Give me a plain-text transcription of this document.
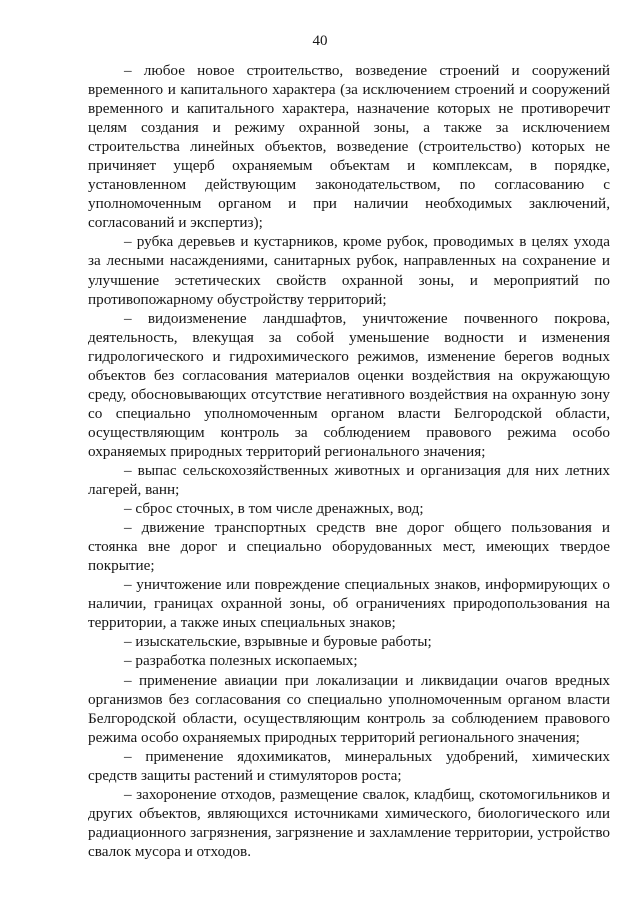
40

– любое новое строительство, возведение строений и сооружений временного и капитального характера (за исключением строений и сооружений временного и капитального характера, назначение которых не противоречит целям создания и режиму охранной зоны, а также за исключением строительства линейных объектов, возведение (строительство) которых не причиняет ущерб охраняемым объектам и комплексам, в порядке, установленном действующим законодательством, по согласованию с уполномоченным органом и при наличии необходимых заключений, согласований и экспертиз);

– рубка деревьев и кустарников, кроме рубок, проводимых в целях ухода за лесными насаждениями, санитарных рубок, направленных на сохранение и улучшение эстетических свойств охранной зоны, и мероприятий по противопожарному обустройству территорий;

– видоизменение ландшафтов, уничтожение почвенного покрова, деятельность, влекущая за собой уменьшение водности и изменения гидрологического и гидрохимического режимов, изменение берегов водных объектов без согласования материалов оценки воздействия на окружающую среду, обосновывающих отсутствие негативного воздействия на охранную зону со специально уполномоченным органом власти Белгородской области, осуществляющим контроль за соблюдением правового режима особо охраняемых природных территорий регионального значения;

– выпас сельскохозяйственных животных и организация для них летних лагерей, ванн;

– сброс сточных, в том числе дренажных, вод;

– движение транспортных средств вне дорог общего пользования и стоянка вне дорог и специально оборудованных мест, имеющих твердое покрытие;

– уничтожение или повреждение специальных знаков, информирующих о наличии, границах охранной зоны, об ограничениях природопользования на территории, а также иных специальных знаков;

– изыскательские, взрывные и буровые работы;

– разработка полезных ископаемых;

– применение авиации при локализации и ликвидации очагов вредных организмов без согласования со специально уполномоченным органом власти Белгородской области, осуществляющим контроль за соблюдением правового режима особо охраняемых природных территорий регионального значения;

– применение ядохимикатов, минеральных удобрений, химических средств защиты растений и стимуляторов роста;

– захоронение отходов, размещение свалок, кладбищ, скотомогильников и других объектов, являющихся источниками химического, биологического или радиационного загрязнения, загрязнение и захламление территории, устройство свалок мусора и отходов.
